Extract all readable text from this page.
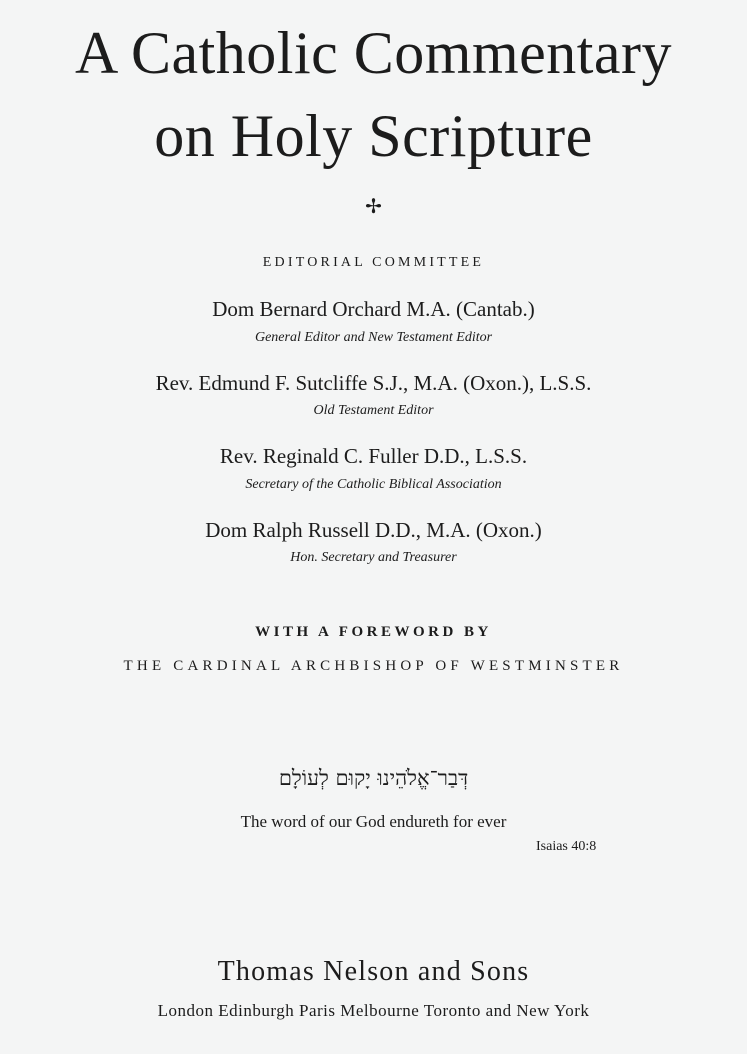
A Catholic Commentary
on Holy Scripture
✢
EDITORIAL COMMITTEE
Dom Bernard Orchard M.A. (Cantab.)
General Editor and New Testament Editor
Rev. Edmund F. Sutcliffe S.J., M.A. (Oxon.), L.S.S.
Old Testament Editor
Rev. Reginald C. Fuller D.D., L.S.S.
Secretary of the Catholic Biblical Association
Dom Ralph Russell D.D., M.A. (Oxon.)
Hon. Secretary and Treasurer
WITH A FOREWORD BY
THE CARDINAL ARCHBISHOP OF WESTMINSTER
דְּבַר־אֱלֹהֵינוּ יָקוּם לְעוֹלָם
The word of our God endureth for ever
Isaias 40:8
Thomas Nelson and Sons
London Edinburgh Paris Melbourne Toronto and New York
